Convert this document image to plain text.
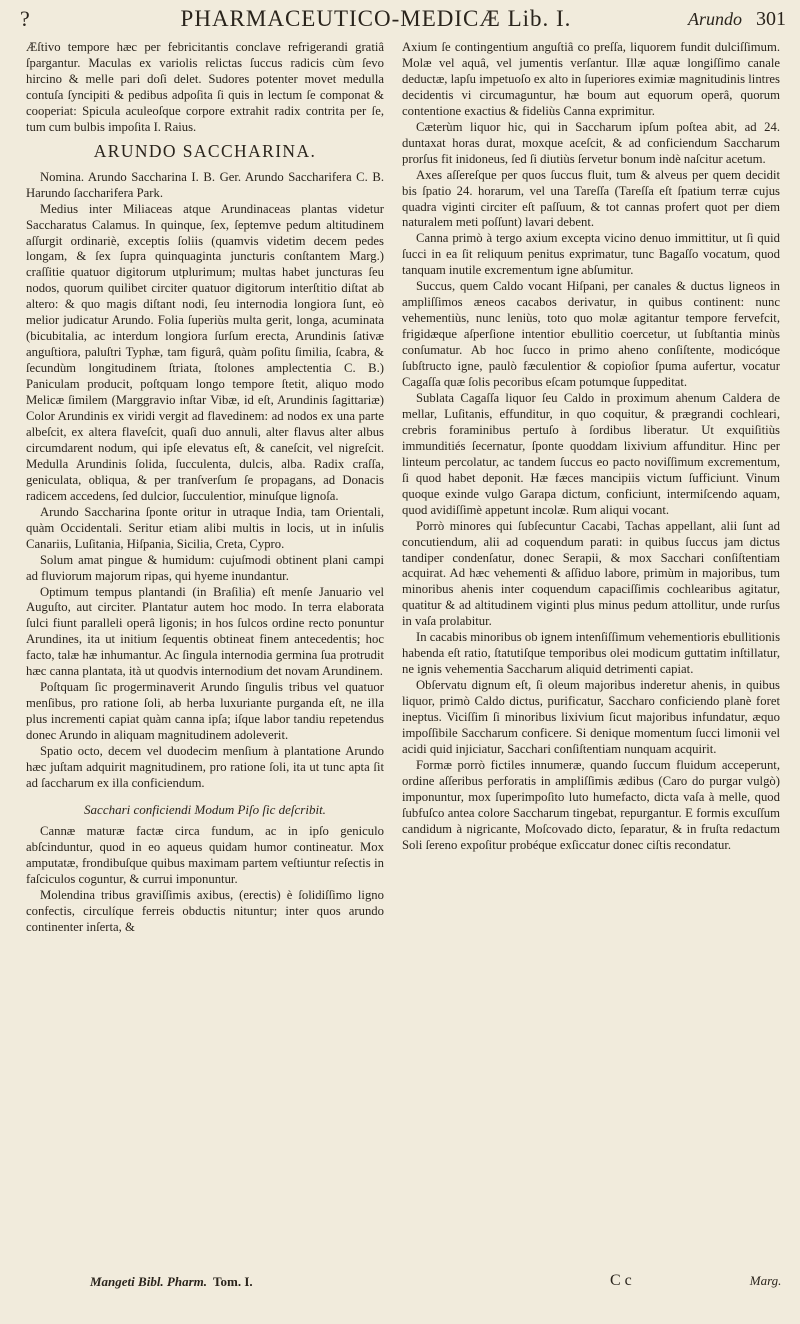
?	PHARMACEUTICO-MEDICÆ Lib. I.	Arundo 301

Æſtivo tempore hæc per febricitantis conclave refrigerandi gratiâ ſpargantur. Maculas ex variolis relictas ſuccus radicis cùm ſevo hircino & melle pari doſi delet. Sudores potenter movet medulla contuſa ſyncipiti & pedibus adpoſita ſi quis in lectum ſe componat & cooperiat: Spicula aculeoſque corpore extrahit radix contrita per ſe, tum cum bulbis impoſita I. Raius.

ARUNDO SACCHARINA.

Nomina. Arundo Saccharina I. B. Ger. Arundo Saccharifera C. B. Harundo ſaccharifera Park.

Medius inter Miliaceas atque Arundinaceas plantas videtur Saccharatus Calamus. In quinque, ſex, ſeptemve pedum altitudinem aſſurgit ordinariè, exceptis ſoliis (quamvis videtim decem pedes longam, & ſex ſupra quinquaginta juncturis conſtantem Marg.) craſſitie quatuor digitorum utplurimum; multas habet juncturas ſeu nodos, quorum quilibet circiter quatuor digitorum interſtitio diſtat ab altero: & quo magis diſtant nodi, ſeu internodia longiora ſunt, eò melior judicatur Arundo. Folia ſuperiùs multa gerit, longa, acuminata (bicubitalia, ac interdum longiora ſurſum erecta, Arundinis ſativæ anguſtiora, paluſtri Typhæ, tam figurâ, quàm poſitu ſimilia, ſcabra, & ſecundùm longitudinem ſtriata, ſtolones amplectentia C. B.) Paniculam producit, poſtquam longo tempore ſtetit, aliquo modo Melicæ ſimilem (Marggravio inſtar Vibæ, id eſt, Arundinis ſagittariæ) Color Arundinis ex viridi vergit ad flavedinem: ad nodos ex una parte albeſcit, ex altera flaveſcit, quaſi duo annuli, alter flavus alter albus circumdarent nodum, qui ipſe elevatus eſt, & caneſcit, vel nigreſcit. Medulla Arundinis ſolida, ſucculenta, dulcis, alba. Radix craſſa, geniculata, obliqua, & per tranſverſum ſe propagans, ad Donacis radicem accedens, ſed dulcior, ſucculentior, minuſque lignoſa.

Arundo Saccharina ſponte oritur in utraque India, tam Orientali, quàm Occidentali. Seritur etiam alibi multis in locis, ut in inſulis Canariis, Luſitania, Hiſpania, Sicilia, Creta, Cypro.

Solum amat pingue & humidum: cujuſmodi obtinent plani campi ad fluviorum majorum ripas, qui hyeme inundantur.

Optimum tempus plantandi (in Braſilia) eſt menſe Januario vel Auguſto, aut circiter. Plantatur autem hoc modo. In terra elaborata ſulci fiunt paralleli operâ ligonis; in hos ſulcos ordine recto ponuntur Arundines, ita ut initium ſequentis obtineat finem antecedentis; hoc facto, talæ hæ inhumantur. Ac ſingula internodia germina ſua protrudit hæc canna plantata, ità ut quodvis internodium det novam Arundinem.

Poſtquam ſic progerminaverit Arundo ſingulis tribus vel quatuor menſibus, pro ratione ſoli, ab herba luxuriante purganda eſt, ne illa plus incrementi capiat quàm canna ipſa; iſque labor tandiu repetendus donec Arundo in aliquam magnitudinem adoleverit.

Spatio octo, decem vel duodecim menſium à plantatione Arundo hæc juſtam adquirit magnitudinem, pro ratione ſoli, ita ut tunc apta ſit ad ſaccharum ex illa conficiendum.

Sacchari conficiendi Modum Piſo ſic deſcribit.

Cannæ maturæ factæ circa fundum, ac in ipſo geniculo abſcinduntur, quod in eo aqueus quidam humor contineatur. Mox amputatæ, frondibuſque quibus maximam partem veſtiuntur reſectis in faſciculos coguntur, & currui imponuntur.

Molendina tribus graviſſimis axibus, (erectis) è ſolidiſſimo ligno confectis, circulíque ferreis obductis nituntur; inter quos arundo continenter inſerta, &

Axium ſe contingentium anguſtiâ co preſſa, liquorem fundit dulciſſimum. Molæ vel aquâ, vel jumentis verſantur. Illæ aquæ longiſſimo canale deductæ, lapſu impetuoſo ex alto in ſuperiores eximiæ magnitudinis lintres decidentis vi circumaguntur, hæ boum aut equorum operâ, quorum contentione exactius & fideliùs Canna exprimitur.

Cæterùm liquor hic, qui in Saccharum ipſum poſtea abit, ad 24. duntaxat horas durat, moxque aceſcit, & ad conficiendum Saccharum prorſus fit inidoneus, ſed ſi diutiùs ſervetur bonum indè naſcitur acetum.

Axes aſſereſque per quos ſuccus fluit, tum & alveus per quem decidit bis ſpatio 24. horarum, vel una Tareſſa (Tareſſa eſt ſpatium terræ cujus quadra viginti circiter eſt paſſuum, & tot cannas profert quot per diem naturalem meti poſſunt) lavari debent.

Canna primò à tergo axium excepta vicino denuo immittitur, ut ſi quid ſucci in ea ſit reliquum penitus exprimatur, tunc Bagaſſo vocatum, quod tanquam inutile excrementum igne abſumitur.

Succus, quem Caldo vocant Hiſpani, per canales & ductus ligneos in ampliſſimos æneos cacabos derivatur, in quibus continent: nunc vehementiùs, nunc leniùs, toto quo molæ agitantur tempore fervefcit, frigidæque aſperſione intentior ebullitio coercetur, ut ſubſtantia minùs conſumatur. Ab hoc ſucco in primo aheno conſiſtente, modicóque ſubſtructo igne, paulò fæculentior & copioſior ſpuma aufertur, vocatur Cagaſſa quæ ſolis pecoribus eſcam potumque ſuppeditat.

Sublata Cagaſſa liquor ſeu Caldo in proximum ahenum Caldera de mellar, Luſitanis, effunditur, in quo coquitur, & prægrandi cochleari, crebris foraminibus pertuſo à ſordibus liberatur. Ut exquiſitiùs immunditiés ſecernatur, ſponte quoddam lixivium affunditur. Hinc per linteum percolatur, ac tandem ſuccus eo pacto noviſſimum excrementum, ſi quod habet deponit. Hæ fæces mancipiis victum ſufficiunt. Vinum quoque exinde vulgo Garapa dictum, conficiunt, intermiſcendo aquam, quod avidiſſimè appetunt incolæ. Rum aliqui vocant.

Porrò minores qui ſubſecuntur Cacabi, Tachas appellant, alii ſunt ad concutiendum, alii ad coquendum parati: in quibus ſuccus jam dictus tandiper condenſatur, donec Serapii, & mox Sacchari conſiſtentiam acquirat. Ad hæc vehementi & aſſiduo labore, primùm in majoribus, tum minoribus ahenis inter coquendum capaciſſimis cochlearibus agitatur, quatitur & ad altitudinem viginti plus minus pedum attollitur, unde rurſus in vaſa prolabitur.

In cacabis minoribus ob ignem intenſiſſimum vehementioris ebullitionis habenda eſt ratio, ſtatutiſque temporibus olei modicum guttatim inſtillatur, ne ignis vehementia Saccharum aliquid detrimenti capiat.

Obſervatu dignum eſt, ſi oleum majoribus inderetur ahenis, in quibus liquor, primò Caldo dictus, purificatur, Saccharo conficiendo planè foret ineptus. Viciſſim ſi minoribus lixivium ſicut majoribus infundatur, æquo impoſſibile Saccharum conficere. Si denique momentum ſucci limonii vel acidi quid injiciatur, Sacchari conſiſtentiam nunquam acquirit.

Formæ porrò fictiles innumeræ, quando ſuccum fluidum acceperunt, ordine aſſeribus perforatis in ampliſſimis ædibus (Caro do purgar vulgò) imponuntur, mox ſuperimpoſito luto humefacto, dicta vaſa à melle, quod ſubfuſco antea colore Saccharum tingebat, repurgantur. E formis excuſſum candidum à nigricante, Moſcovado dicto, ſeparatur, & in fruſta redactum Soli ſereno expoſitur probéque exſiccatur donec ciſtis recondatur.

Mangeti Bibl. Pharm. Tom. I.	C c	Marg.
